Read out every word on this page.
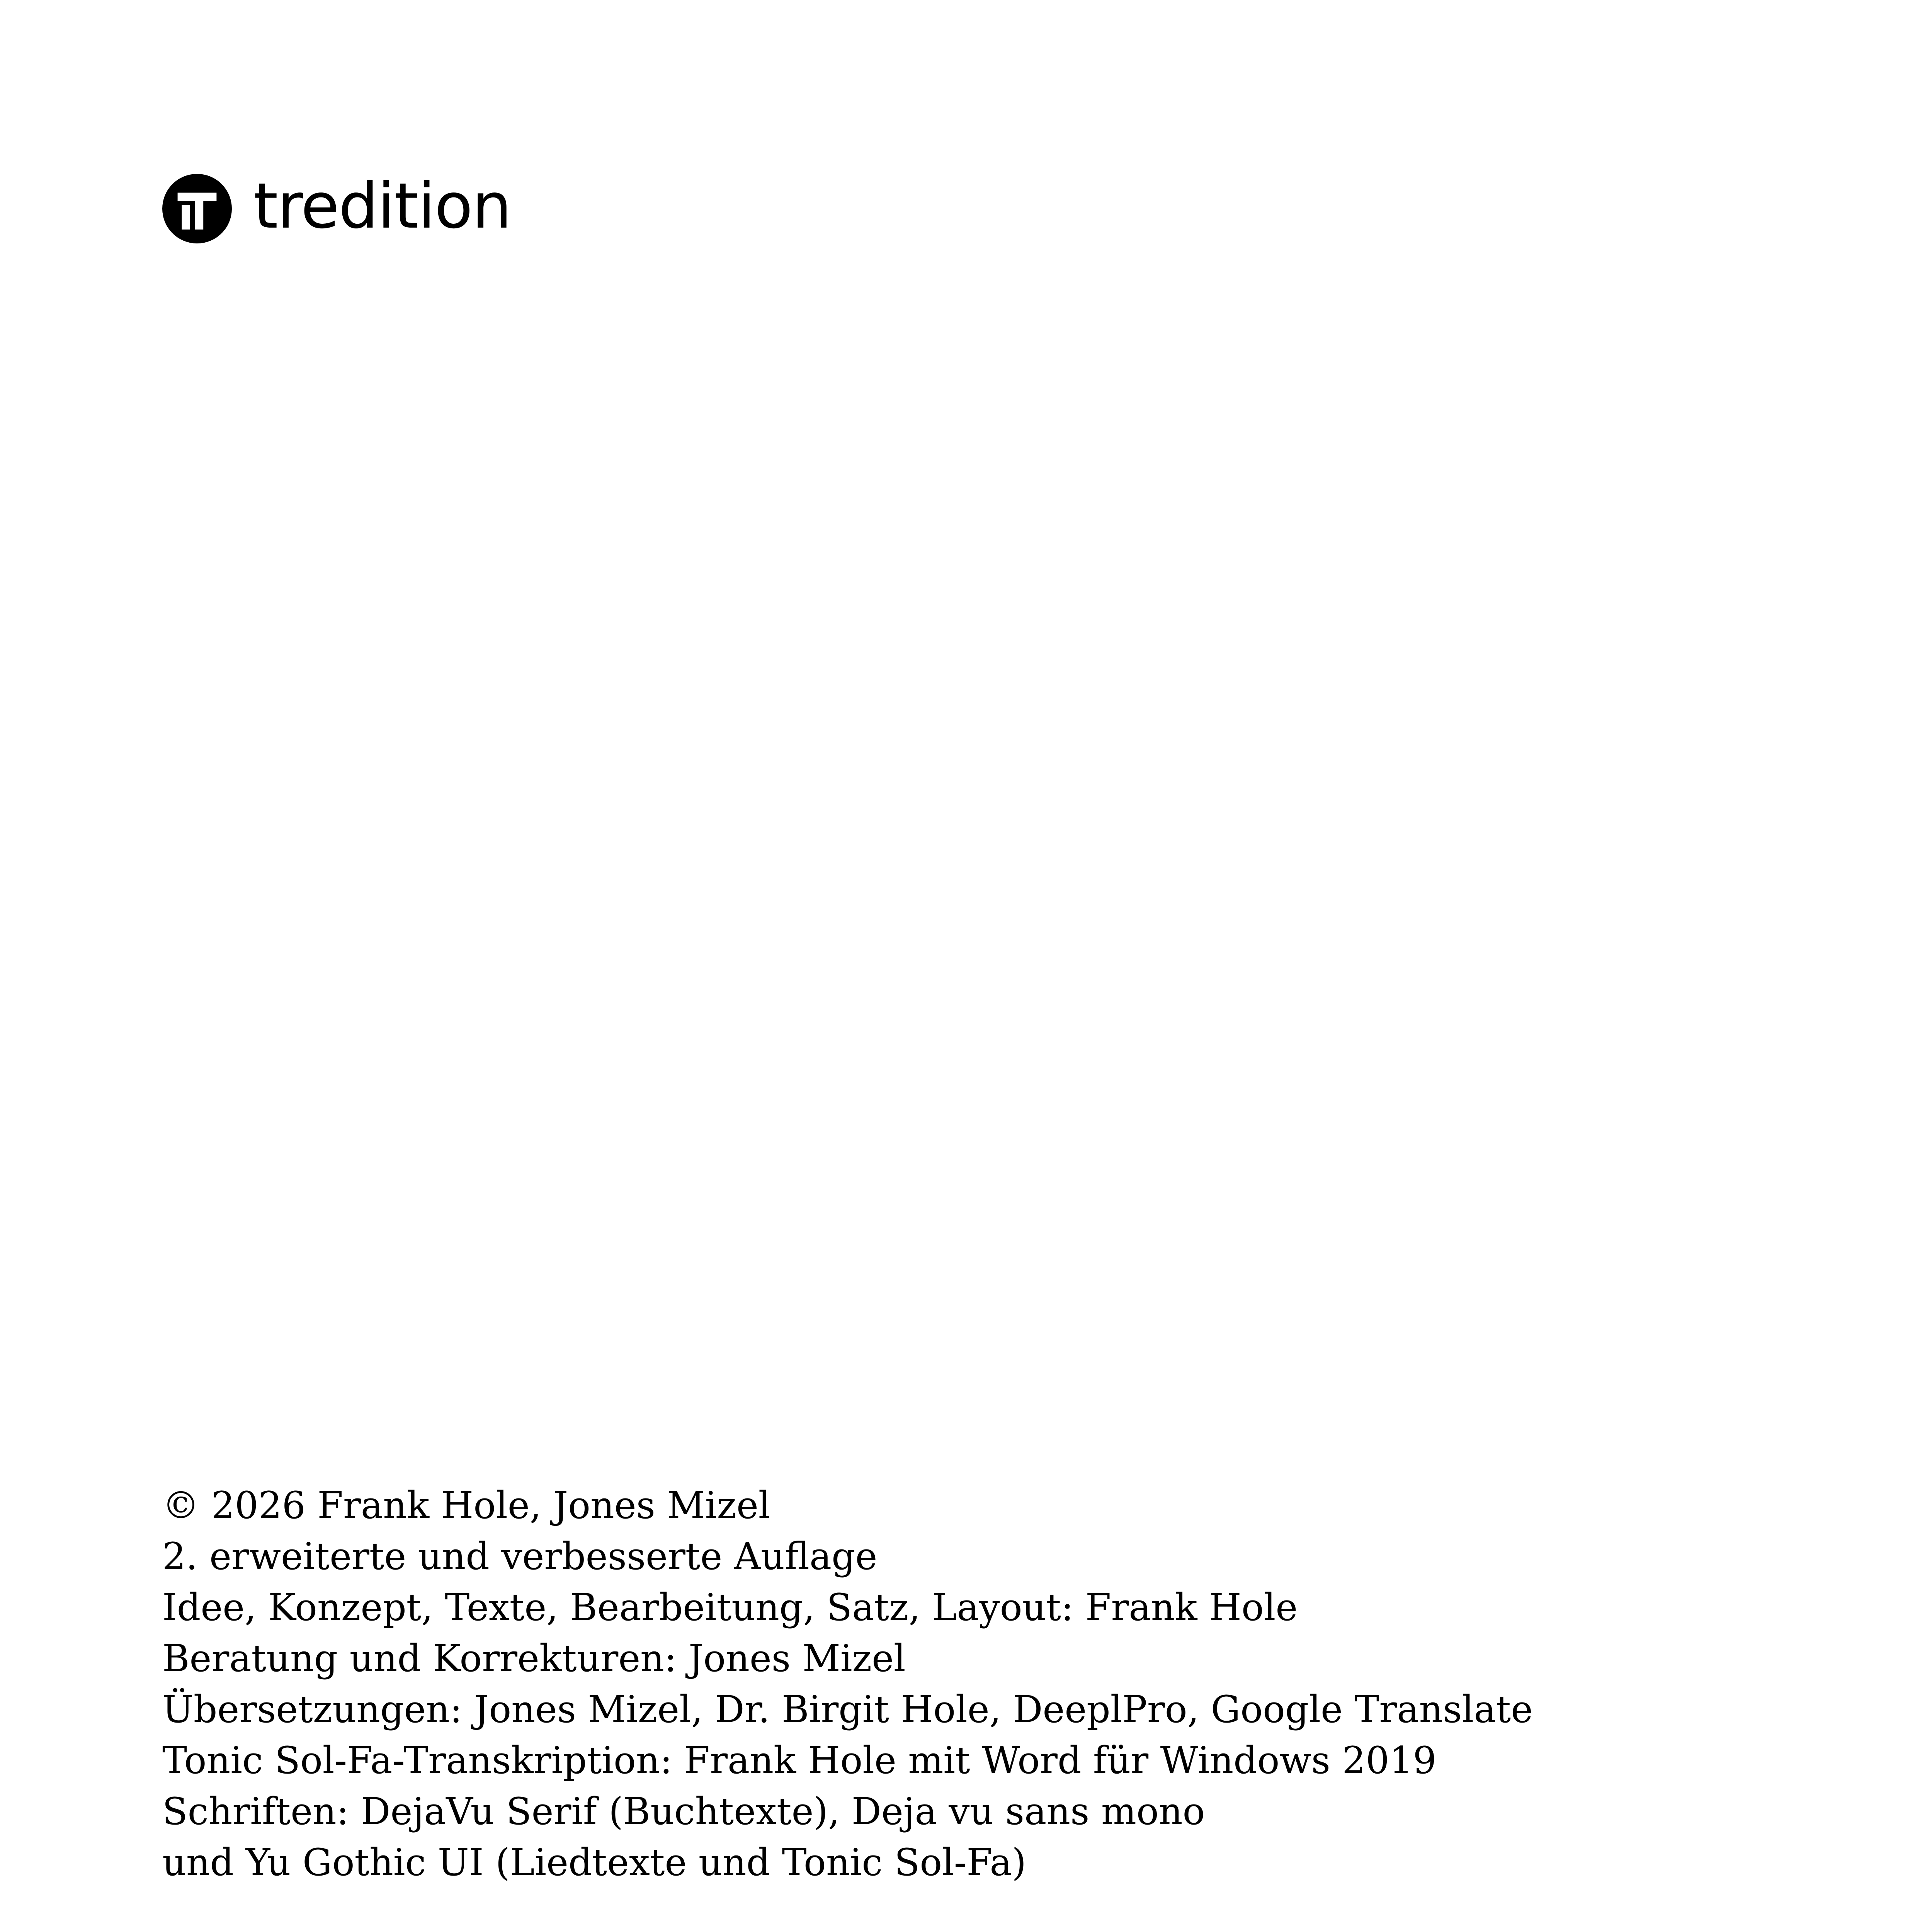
tredition

© 2026 Frank Hole, Jones Mizel

2. erweiterte und verbesserte Auflage

Idee, Konzept, Texte, Bearbeitung, Satz, Layout: Frank Hole

Beratung und Korrekturen: Jones Mizel

Übersetzungen: Jones Mizel, Dr. Birgit Hole, DeeplPro, Google Translate

Tonic Sol-Fa-Transkription: Frank Hole mit Word für Windows 2019

Schriften: DejaVu Serif (Buchtexte), Deja vu sans mono

und Yu Gothic UI (Liedtexte und Tonic Sol-Fa)
